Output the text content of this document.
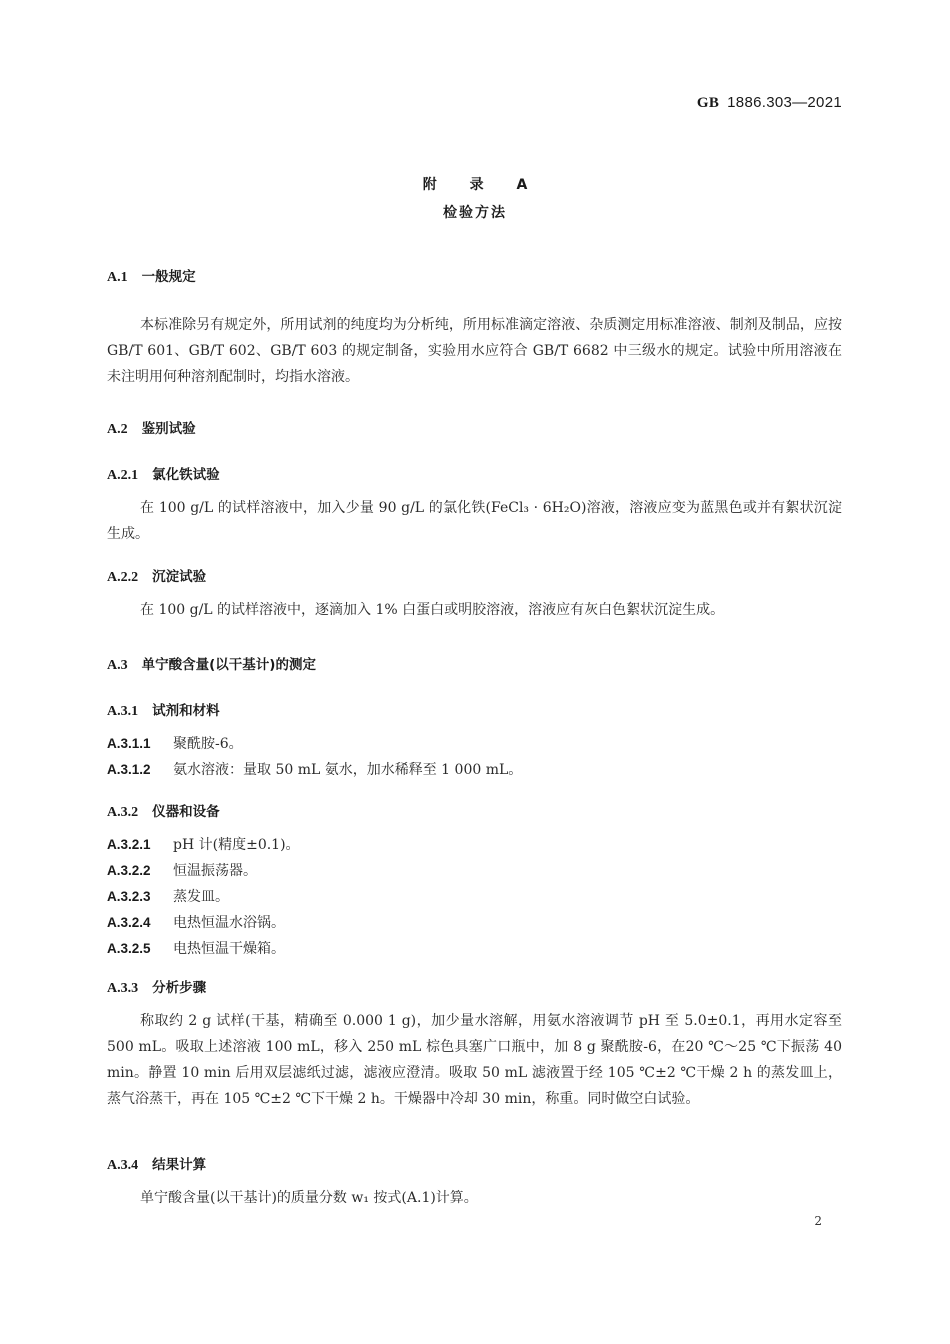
GB 1886.303—2021
附 录 A
检验方法
A.1 一般规定
本标准除另有规定外，所用试剂的纯度均为分析纯，所用标准滴定溶液、杂质测定用标准溶液、制剂及制品，应按 GB/T 601、GB/T 602、GB/T 603 的规定制备，实验用水应符合 GB/T 6682 中三级水的规定。试验中所用溶液在未注明用何种溶剂配制时，均指水溶液。
A.2 鉴别试验
A.2.1 氯化铁试验
在 100 g/L 的试样溶液中，加入少量 90 g/L 的氯化铁(FeCl₃ · 6H₂O)溶液，溶液应变为蓝黑色或并有絮状沉淀生成。
A.2.2 沉淀试验
在 100 g/L 的试样溶液中，逐滴加入 1% 白蛋白或明胶溶液，溶液应有灰白色絮状沉淀生成。
A.3 单宁酸含量(以干基计)的测定
A.3.1 试剂和材料
A.3.1.1 聚酰胺-6。
A.3.1.2 氨水溶液：量取 50 mL 氨水，加水稀释至 1 000 mL。
A.3.2 仪器和设备
A.3.2.1 pH 计(精度±0.1)。
A.3.2.2 恒温振荡器。
A.3.2.3 蒸发皿。
A.3.2.4 电热恒温水浴锅。
A.3.2.5 电热恒温干燥箱。
A.3.3 分析步骤
称取约 2 g 试样(干基，精确至 0.000 1 g)，加少量水溶解，用氨水溶液调节 pH 至 5.0±0.1，再用水定容至 500 mL。吸取上述溶液 100 mL，移入 250 mL 棕色具塞广口瓶中，加 8 g 聚酰胺-6，在20 ℃～25 ℃下振荡 40 min。静置 10 min 后用双层滤纸过滤，滤液应澄清。吸取 50 mL 滤液置于经 105 ℃±2 ℃干燥 2 h 的蒸发皿上，蒸气浴蒸干，再在 105 ℃±2 ℃下干燥 2 h。干燥器中冷却 30 min，称重。同时做空白试验。
A.3.4 结果计算
单宁酸含量(以干基计)的质量分数 w₁ 按式(A.1)计算。
2
